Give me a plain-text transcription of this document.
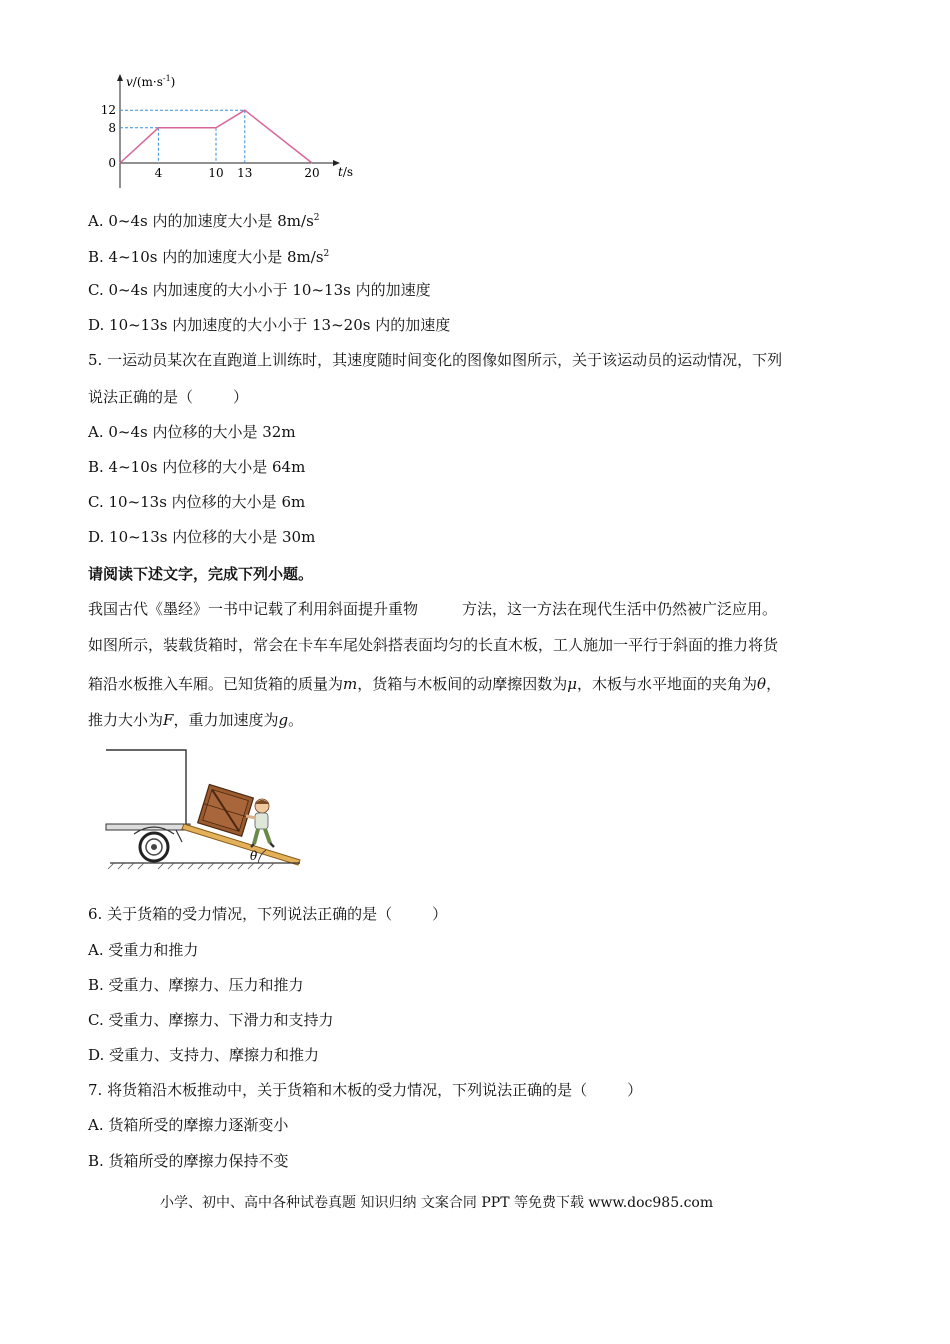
$v/(m\cdot s^{-1})$
t/s
12
8
0
4	10 13	20
A. 0~4s 内的加速度大小是 $8m/s^2$
B. 4~10s 内的加速度大小是 $8m/s^2$
C. 0~4s 内加速度的大小小于 10~13s 内的加速度
D. 10~13s 内加速度的大小小于 13~20s 内的加速度
5. 一运动员某次在直跑道上训练时，其速度随时间变化的图像如图所示，关于该运动员的运动情况，下列
说法正确的是（	）
A. 0~4s 内位移的大小是 32m
B. 4~10s 内位移的大小是 64m
C. 10~13s 内位移的大小是 6m
D. 10~13s 内位移的大小是 30m
请阅读下述文字，完成下列小题。
我国古代《墨经》一书中记载了利用斜面提升重物	方法，这一方法在现代生活中仍然被广泛应用。
如图所示，装载货箱时，常会在卡车车尾处斜搭表面均匀的长直木板，工人施加一平行于斜面的推力将货
箱沿水板推入车厢。已知货箱的质量为m，货箱与木板间的动摩擦因数为μ，木板与水平地面的夹角为θ，
推力大小为F，重力加速度为g。
θ
6. 关于货箱的受力情况，下列说法正确的是（	）
A. 受重力和推力
B. 受重力、摩擦力、压力和推力
C. 受重力、摩擦力、下滑力和支持力
D. 受重力、支持力、摩擦力和推力
7. 将货箱沿木板推动中，关于货箱和木板的受力情况，下列说法正确的是（	）
A. 货箱所受的摩擦力逐渐变小
B. 货箱所受的摩擦力保持不变
小学、初中、高中各种试卷真题 知识归纳 文案合同 PPT 等免费下载 www.doc985.com
